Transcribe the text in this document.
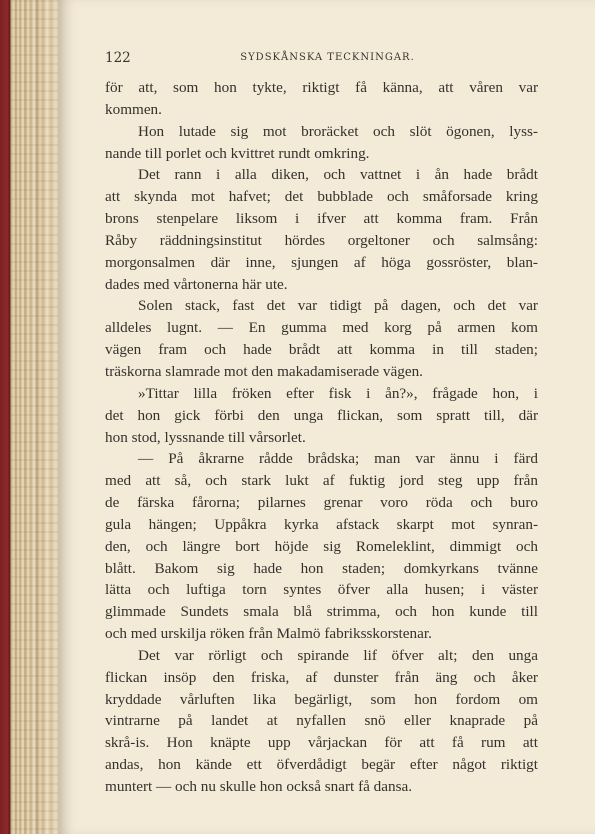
122	SYDSKÅNSKA TECKNINGAR.
för att, som hon tykte, riktigt få känna, att våren var
kommen.
Hon lutade sig mot broräcket och slöt ögonen, lyss-
nande till porlet och kvittret rundt omkring.
Det rann i alla diken, och vattnet i ån hade brådt
att skynda mot hafvet; det bubblade och småforsade kring
brons stenpelare liksom i ifver att komma fram. Från
Råby räddningsinstitut hördes orgeltoner och salmsång:
morgonsalmen där inne, sjungen af höga gossröster, blan-
dades med vårtonerna här ute.
Solen stack, fast det var tidigt på dagen, och det var
alldeles lugnt. — En gumma med korg på armen kom
vägen fram och hade brådt att komma in till staden;
träskorna slamrade mot den makadamiserade vägen.
»Tittar lilla fröken efter fisk i ån?», frågade hon, i
det hon gick förbi den unga flickan, som spratt till, där
hon stod, lyssnande till vårsorlet.
— På åkrarne rådde brådska; man var ännu i färd
med att så, och stark lukt af fuktig jord steg upp från
de färska fårorna; pilarnes grenar voro röda och buro
gula hängen; Uppåkra kyrka afstack skarpt mot synran-
den, och längre bort höjde sig Romeleklint, dimmigt och
blått. Bakom sig hade hon staden; domkyrkans tvänne
lätta och luftiga torn syntes öfver alla husen; i väster
glimmade Sundets smala blå strimma, och hon kunde till
och med urskilja röken från Malmö fabriksskorstenar.
Det var rörligt och spirande lif öfver alt; den unga
flickan insöp den friska, af dunster från äng och åker
kryddade vårluften lika begärligt, som hon fordom om
vintrarne på landet at nyfallen snö eller knaprade på
skrå-is. Hon knäpte upp vårjackan för att få rum att
andas, hon kände ett öfverdådigt begär efter något riktigt
muntert — och nu skulle hon också snart få dansa.
